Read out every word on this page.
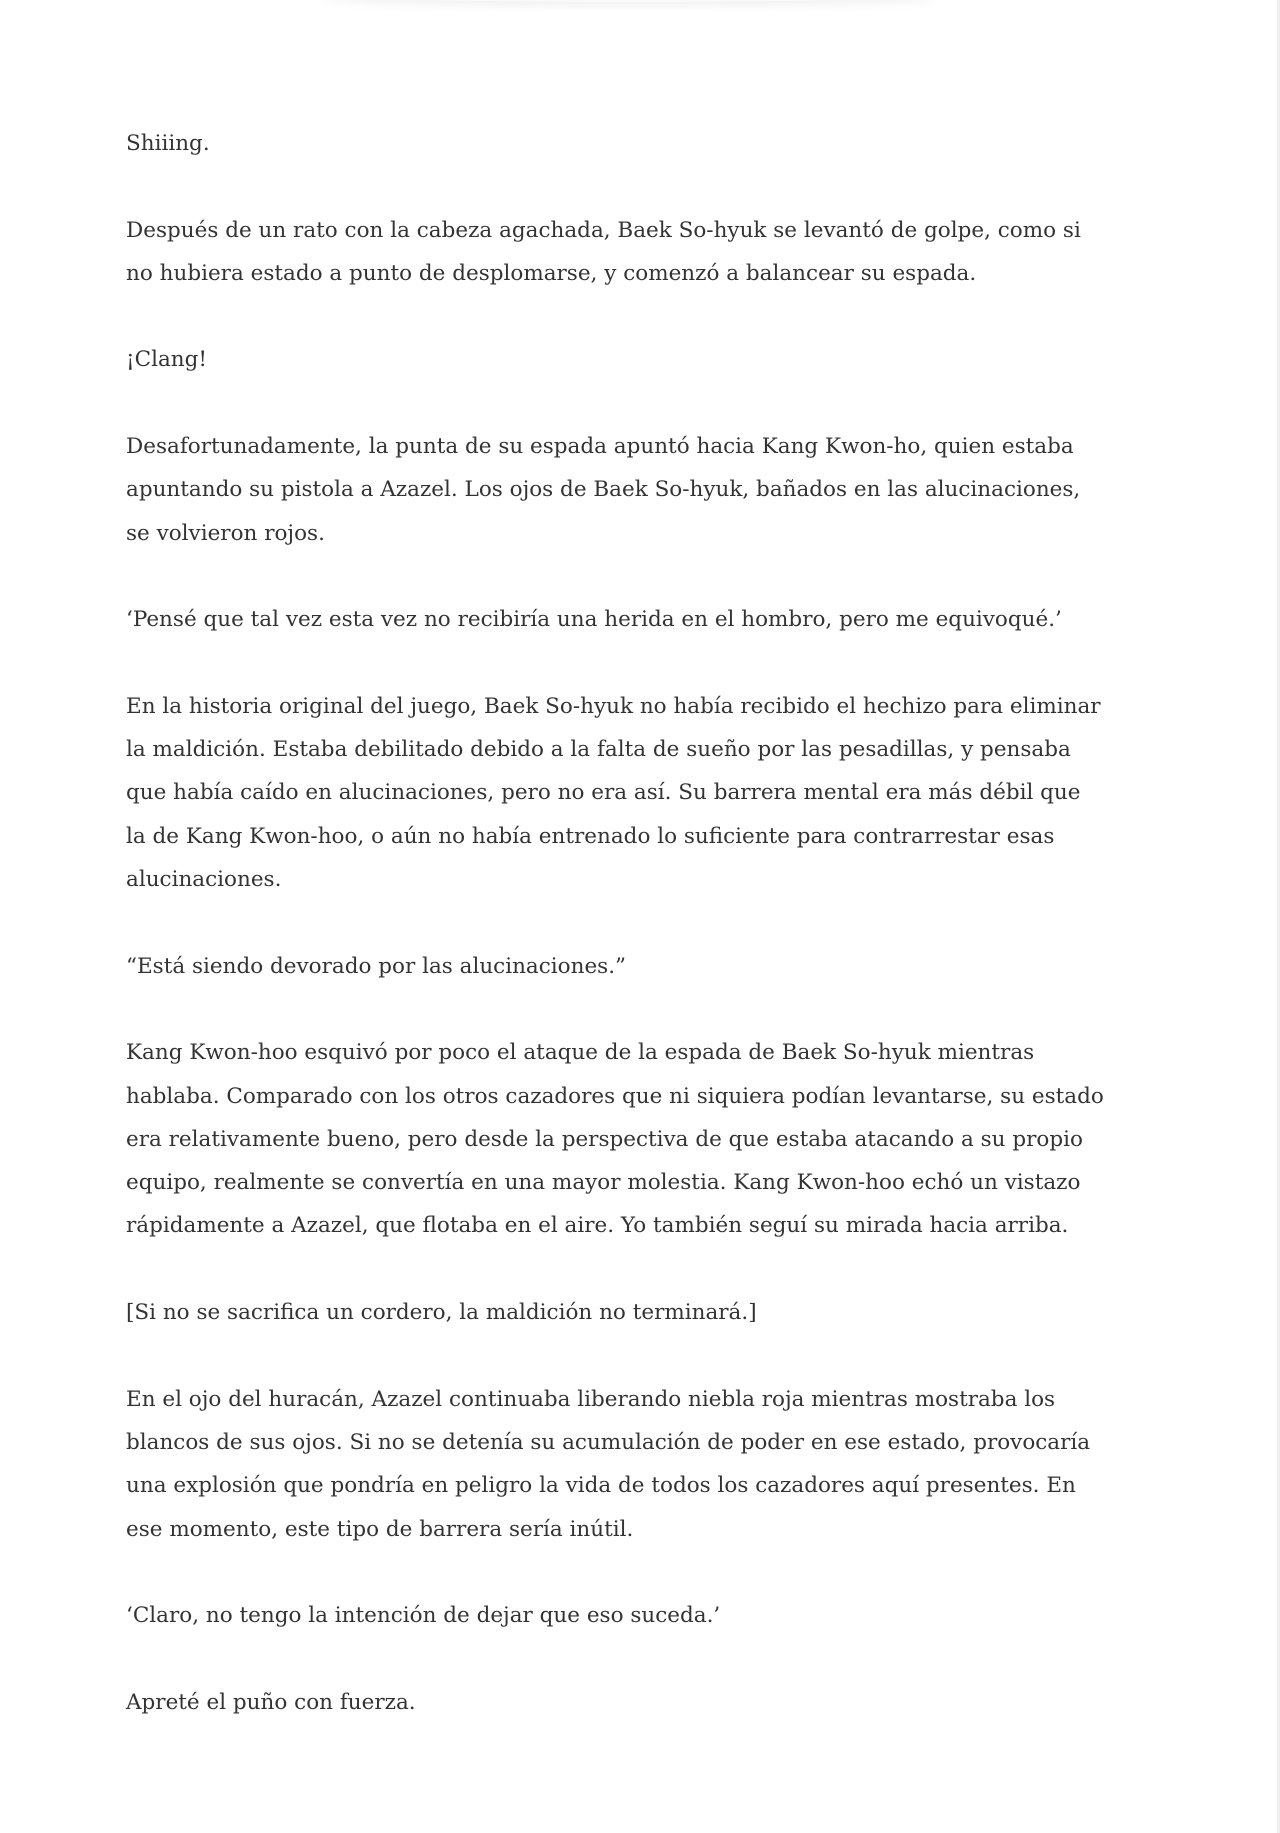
Shiiing.

Después de un rato con la cabeza agachada, Baek So-hyuk se levantó de golpe, como si
no hubiera estado a punto de desplomarse, y comenzó a balancear su espada.

¡Clang!

Desafortunadamente, la punta de su espada apuntó hacia Kang Kwon-ho, quien estaba
apuntando su pistola a Azazel. Los ojos de Baek So-hyuk, bañados en las alucinaciones,
se volvieron rojos.

‘Pensé que tal vez esta vez no recibiría una herida en el hombro, pero me equivoqué.’

En la historia original del juego, Baek So-hyuk no había recibido el hechizo para eliminar
la maldición. Estaba debilitado debido a la falta de sueño por las pesadillas, y pensaba
que había caído en alucinaciones, pero no era así. Su barrera mental era más débil que
la de Kang Kwon-hoo, o aún no había entrenado lo suficiente para contrarrestar esas
alucinaciones.

“Está siendo devorado por las alucinaciones.”

Kang Kwon-hoo esquivó por poco el ataque de la espada de Baek So-hyuk mientras
hablaba. Comparado con los otros cazadores que ni siquiera podían levantarse, su estado
era relativamente bueno, pero desde la perspectiva de que estaba atacando a su propio
equipo, realmente se convertía en una mayor molestia. Kang Kwon-hoo echó un vistazo
rápidamente a Azazel, que flotaba en el aire. Yo también seguí su mirada hacia arriba.

[Si no se sacrifica un cordero, la maldición no terminará.]

En el ojo del huracán, Azazel continuaba liberando niebla roja mientras mostraba los
blancos de sus ojos. Si no se detenía su acumulación de poder en ese estado, provocaría
una explosión que pondría en peligro la vida de todos los cazadores aquí presentes. En
ese momento, este tipo de barrera sería inútil.

‘Claro, no tengo la intención de dejar que eso suceda.’

Apreté el puño con fuerza.
